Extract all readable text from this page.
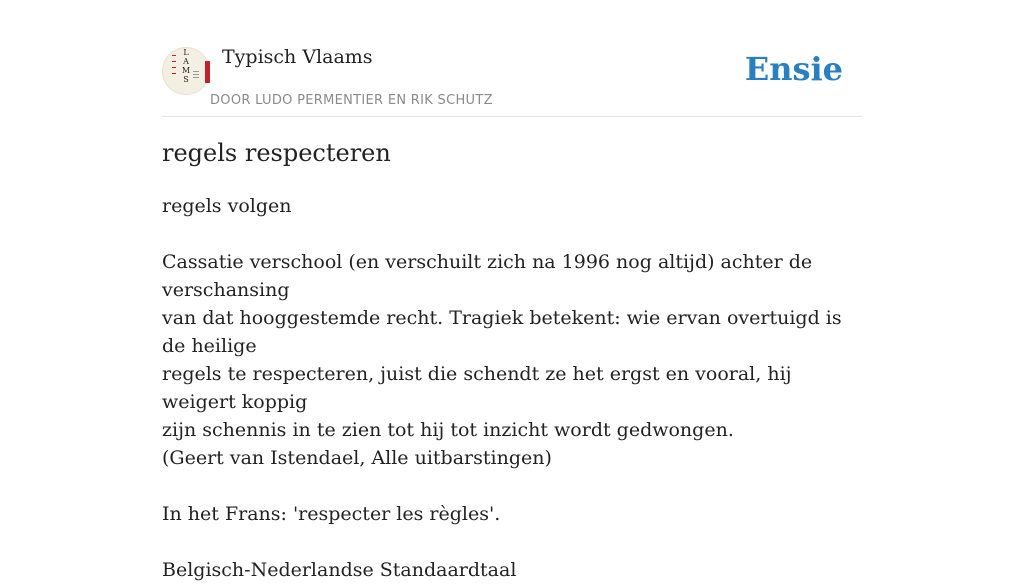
L
A
M
S
Typisch Vlaams
DOOR LUDO PERMENTIER EN RIK SCHUTZ
Ensie
regels respecteren

regels volgen

Cassatie verschool (en verschuilt zich na 1996 nog altijd) achter de verschansing

van dat hooggestemde recht. Tragiek betekent: wie ervan overtuigd is de heilige

regels te respecteren, juist die schendt ze het ergst en vooral, hij weigert koppig

zijn schennis in te zien tot hij tot inzicht wordt gedwongen.

(Geert van Istendael, Alle uitbarstingen)

In het Frans: 'respecter les règles'.

Belgisch-Nederlandse Standaardtaal
